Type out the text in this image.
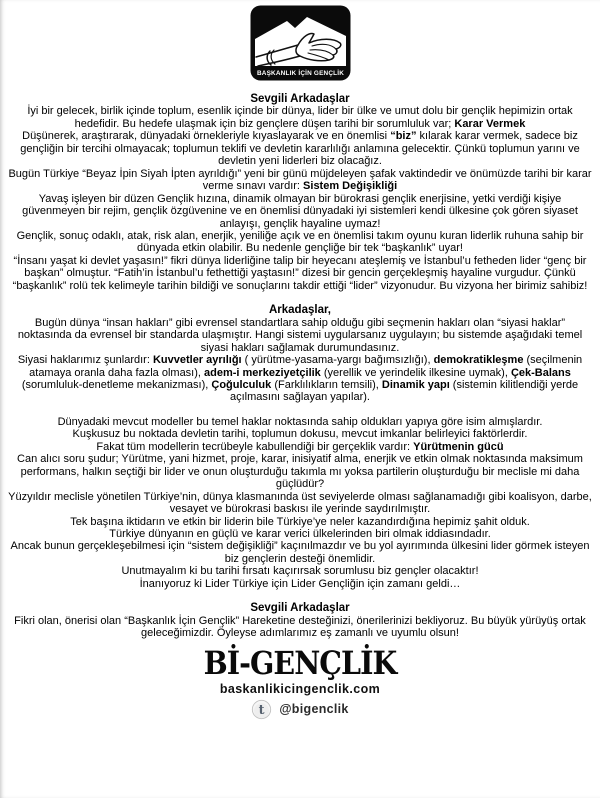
BAŞKANLIK İÇİN GENÇLİK

Sevgili Arkadaşlar

İyi bir gelecek, birlik içinde toplum, esenlik içinde bir dünya, lider bir ülke ve umut dolu bir gençlik hepimizin ortak hedefidir. Bu hedefe ulaşmak için biz gençlere düşen tarihi bir sorumluluk var; Karar Vermek

Düşünerek, araştırarak, dünyadaki örnekleriyle kıyaslayarak ve en önemlisi “biz” kılarak karar vermek, sadece biz gençliğin bir tercihi olmayacak; toplumun teklifi ve devletin kararlılığı anlamına gelecektir. Çünkü toplumun yarını ve devletin yeni liderleri biz olacağız.

Bugün Türkiye “Beyaz İpin Siyah İpten ayrıldığı” yeni bir günü müjdeleyen şafak vaktindedir ve önümüzde tarihi bir karar verme sınavı vardır: Sistem Değişikliği

Yavaş işleyen bir düzen Gençlik hızına, dinamik olmayan bir bürokrasi gençlik enerjisine, yetki verdiği kişiye güvenmeyen bir rejim, gençlik özgüvenine ve en önemlisi dünyadaki iyi sistemleri kendi ülkesine çok gören siyaset anlayışı, gençlik hayaline uymaz!

Gençlik, sonuç odaklı, atak, risk alan, enerjik, yeniliğe açık ve en önemlisi takım oyunu kuran liderlik ruhuna sahip bir dünyada etkin olabilir. Bu nedenle gençliğe bir tek “başkanlık” uyar!

“İnsanı yaşat ki devlet yaşasın!” fikri dünya liderliğine talip bir heyecanı ateşlemiş ve İstanbul’u fetheden lider “genç bir başkan” olmuştur. “Fatih’in İstanbul’u fethettiği yaştasın!” dizesi bir gencin gerçekleşmiş hayaline vurgudur. Çünkü “başkanlık” rolü tek kelimeyle tarihin bildiği ve sonuçlarını takdir ettiği “lider” vizyonudur. Bu vizyona her birimiz sahibiz!

Arkadaşlar,

Bugün dünya “insan hakları” gibi evrensel standartlara sahip olduğu gibi seçmenin hakları olan “siyasi haklar” noktasında da evrensel bir standarda ulaşmıştır. Hangi sistemi uygularsanız uygulayın; bu sistemde aşağıdaki temel siyasi hakları sağlamak durumundasınız.

Siyasi haklarımız şunlardır: Kuvvetler ayrılığı ( yürütme-yasama-yargı bağımsızlığı), demokratikleşme (seçilmenin atamaya oranla daha fazla olması), adem-i merkeziyetçilik (yerellik ve yerindelik ilkesine uymak), Çek-Balans (sorumluluk-denetleme mekanizması), Çoğulculuk (Farklılıkların temsili), Dinamik yapı (sistemin kilitlendiği yerde açılmasını sağlayan yapılar).

Dünyadaki mevcut modeller bu temel haklar noktasında sahip oldukları yapıya göre isim almışlardır.

Kuşkusuz bu noktada devletin tarihi, toplumun dokusu, mevcut imkanlar belirleyici faktörlerdir.

Fakat tüm modellerin tecrübeyle kabullendiği bir gerçeklik vardır: Yürütmenin gücü

Can alıcı soru şudur; Yürütme, yani hizmet, proje, karar, inisiyatif alma, enerjik ve etkin olmak noktasında maksimum performans, halkın seçtiği bir lider ve onun oluşturduğu takımla mı yoksa partilerin oluşturduğu bir meclisle mi daha güçlüdür?

Yüzyıldır meclisle yönetilen Türkiye’nin, dünya klasmanında üst seviyelerde olması sağlanamadığı gibi koalisyon, darbe, vesayet ve bürokrasi baskısı ile yerinde saydırılmıştır.

Tek başına iktidarın ve etkin bir liderin bile Türkiye’ye neler kazandırdığına hepimiz şahit olduk.

Türkiye dünyanın en güçlü ve karar verici ülkelerinden biri olmak iddiasındadır.

Ancak bunun gerçekleşebilmesi için “sistem değişikliği” kaçınılmazdır ve bu yol ayırımında ülkesini lider görmek isteyen biz gençlerin desteği önemlidir.

Unutmayalım ki bu tarihi fırsatı kaçırırsak sorumlusu biz gençler olacaktır!

İnanıyoruz ki Lider Türkiye için Lider Gençliğin için zamanı geldi…

Sevgili Arkadaşlar

Fikri olan, önerisi olan “Başkanlık İçin Gençlik” Hareketine desteğinizi, önerilerinizi bekliyoruz. Bu büyük yürüyüş ortak geleceğimizdir. Öyleyse adımlarımız eş zamanlı ve uyumlu olsun!

Bİ-GENÇLİK
baskanlikicingenclik.com
t @bigenclik
